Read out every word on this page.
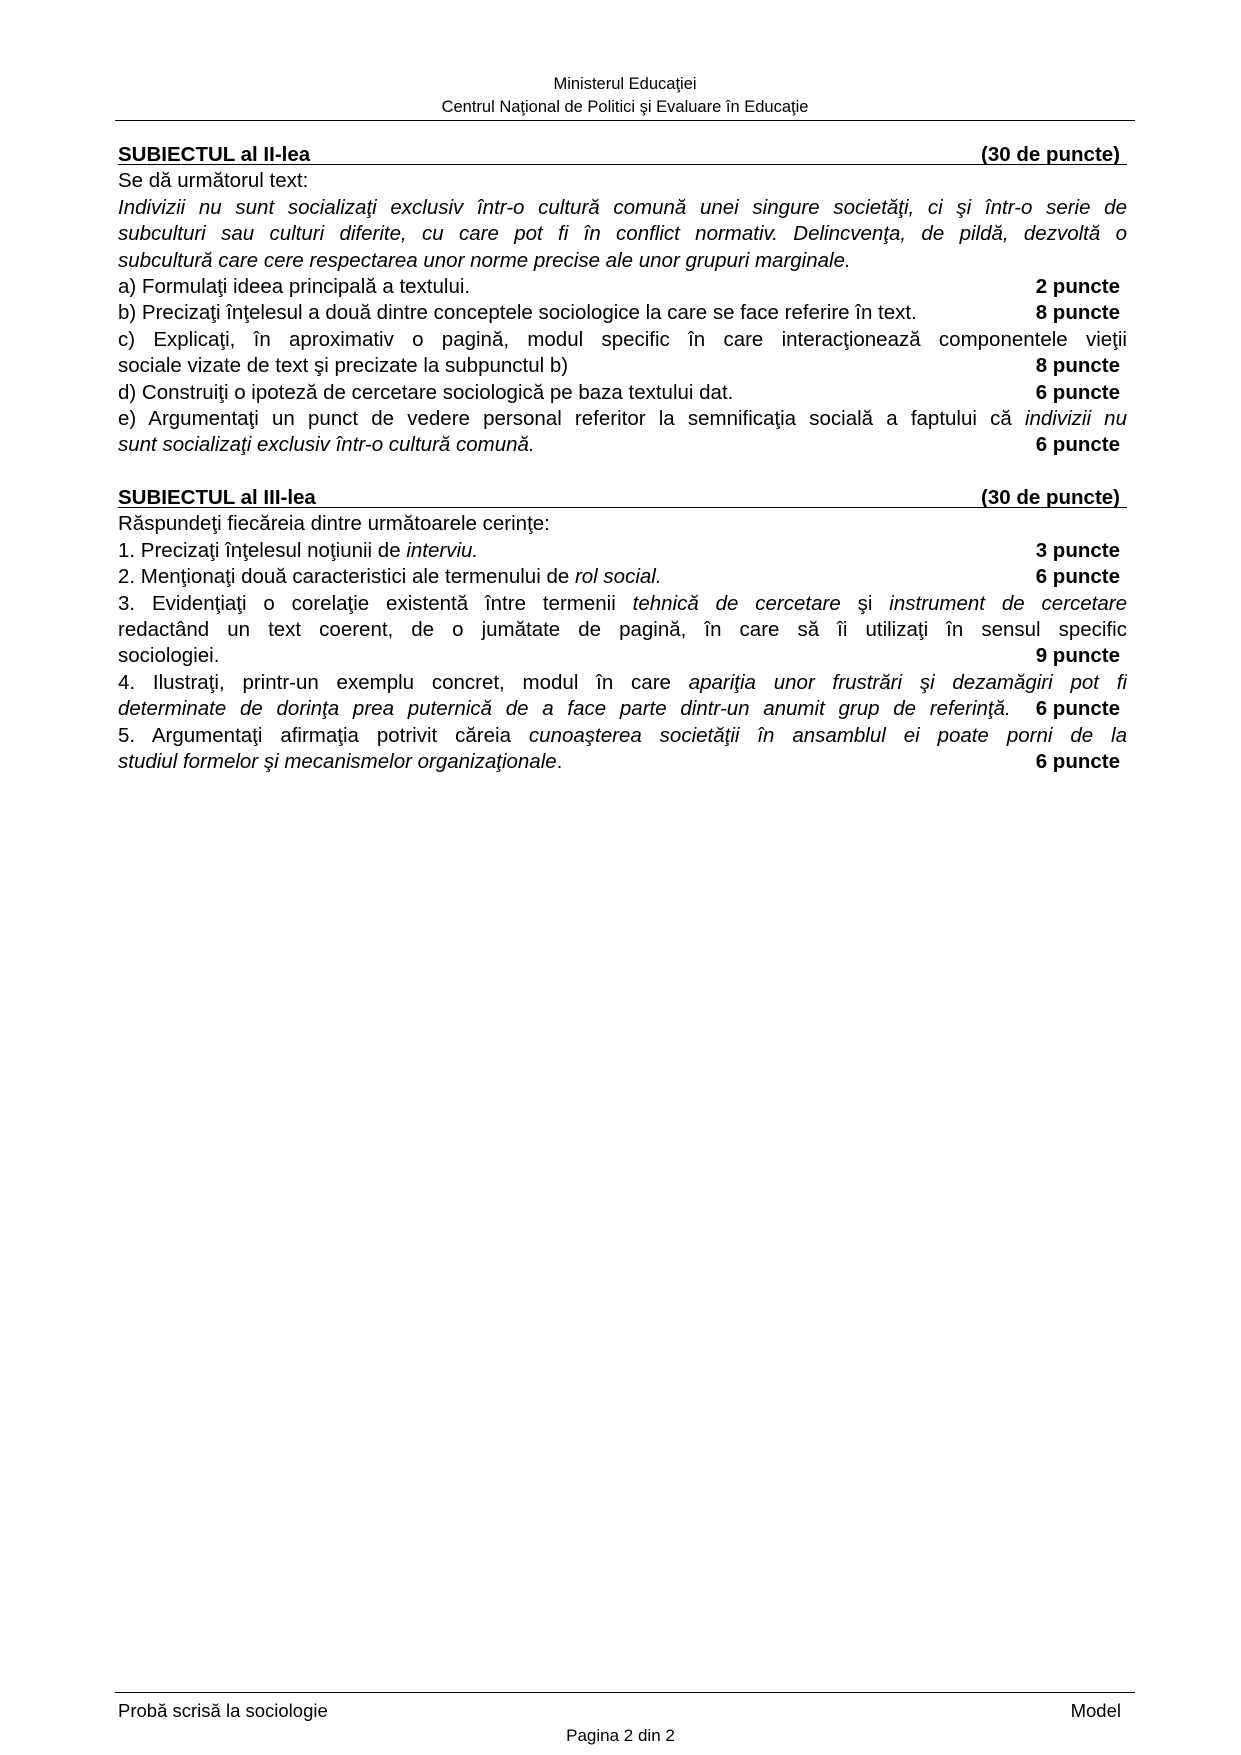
Ministerul Educaţiei
Centrul Naţional de Politici şi Evaluare în Educaţie
SUBIECTUL al II-lea	(30 de puncte)
Se dă următorul text:
Indivizii nu sunt socializaţi exclusiv într-o cultură comună unei singure societăţi, ci şi într-o serie de
subculturi sau culturi diferite, cu care pot fi în conflict normativ. Delincvenţa, de pildă, dezvoltă o
subcultură care cere respectarea unor norme precise ale unor grupuri marginale.
a) Formulaţi ideea principală a textului.	2 puncte
b) Precizaţi înţelesul a două dintre conceptele sociologice la care se face referire în text.	8 puncte
c) Explicaţi, în aproximativ o pagină, modul specific în care interacţionează componentele vieţii
sociale vizate de text şi precizate la subpunctul b)	8 puncte
d) Construiţi o ipoteză de cercetare sociologică pe baza textului dat.	6 puncte
e) Argumentaţi un punct de vedere personal referitor la semnificaţia socială a faptului că indivizii nu
sunt socializaţi exclusiv într-o cultură comună.	6 puncte
SUBIECTUL al III-lea	(30 de puncte)
Răspundeţi fiecăreia dintre următoarele cerinţe:
1. Precizaţi înţelesul noţiunii de interviu.	3 puncte
2. Menţionaţi două caracteristici ale termenului de rol social.	6 puncte
3. Evidenţiaţi o corelaţie existentă între termenii tehnică de cercetare şi instrument de cercetare
redactând un text coerent, de o jumătate de pagină, în care să îi utilizaţi în sensul specific
sociologiei.	9 puncte
4. Ilustraţi, printr-un exemplu concret, modul în care apariţia unor frustrări şi dezamăgiri pot fi
determinate de dorinţa prea puternică de a face parte dintr-un anumit grup de referinţă. 6 puncte
5. Argumentaţi afirmaţia potrivit căreia cunoaşterea societăţii în ansamblul ei poate porni de la
studiul formelor şi mecanismelor organizaţionale.	6 puncte
Probă scrisă la sociologie	Model
Pagina 2 din 2
